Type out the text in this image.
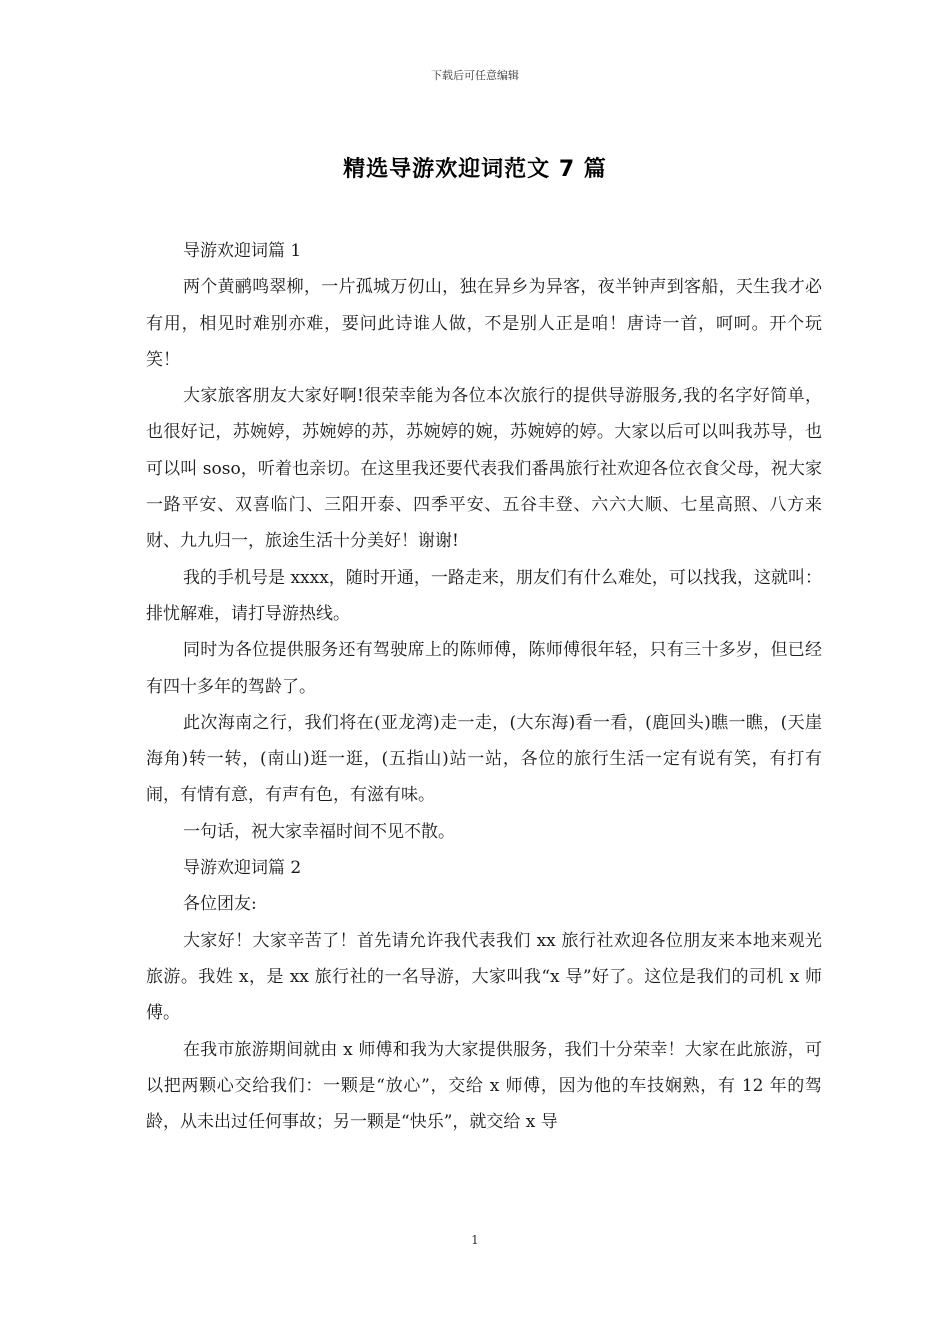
下载后可任意编辑
精选导游欢迎词范文 7 篇

导游欢迎词篇 1

两个黄鹂鸣翠柳，一片孤城万仞山，独在异乡为异客，夜半钟声到客船，天生我才必有用，相见时难别亦难，要问此诗谁人做，不是别人正是咱！唐诗一首，呵呵。开个玩笑！

大家旅客朋友大家好啊!很荣幸能为各位本次旅行的提供导游服务,我的名字好简单，也很好记，苏婉婷，苏婉婷的苏，苏婉婷的婉，苏婉婷的婷。大家以后可以叫我苏导，也可以叫 soso，听着也亲切。在这里我还要代表我们番禺旅行社欢迎各位衣食父母，祝大家一路平安、双喜临门、三阳开泰、四季平安、五谷丰登、六六大顺、七星高照、八方来财、九九归一，旅途生活十分美好！谢谢!

我的手机号是 xxxx，随时开通，一路走来，朋友们有什么难处，可以找我，这就叫：排忧解难，请打导游热线。

同时为各位提供服务还有驾驶席上的陈师傅，陈师傅很年轻，只有三十多岁，但已经有四十多年的驾龄了。

此次海南之行，我们将在(亚龙湾)走一走，(大东海)看一看，(鹿回头)瞧一瞧，(天崖海角)转一转，(南山)逛一逛，(五指山)站一站，各位的旅行生活一定有说有笑，有打有闹，有情有意，有声有色，有滋有味。

一句话，祝大家幸福时间不见不散。

导游欢迎词篇 2

各位团友:

大家好！大家辛苦了！首先请允许我代表我们 xx 旅行社欢迎各位朋友来本地来观光旅游。我姓 x，是 xx 旅行社的一名导游，大家叫我“x 导”好了。这位是我们的司机 x 师傅。

在我市旅游期间就由 x 师傅和我为大家提供服务，我们十分荣幸！大家在此旅游，可以把两颗心交给我们：一颗是“放心”，交给 x 师傅，因为他的车技娴熟，有 12 年的驾龄，从未出过任何事故；另一颗是“快乐”，就交给 x 导

1
